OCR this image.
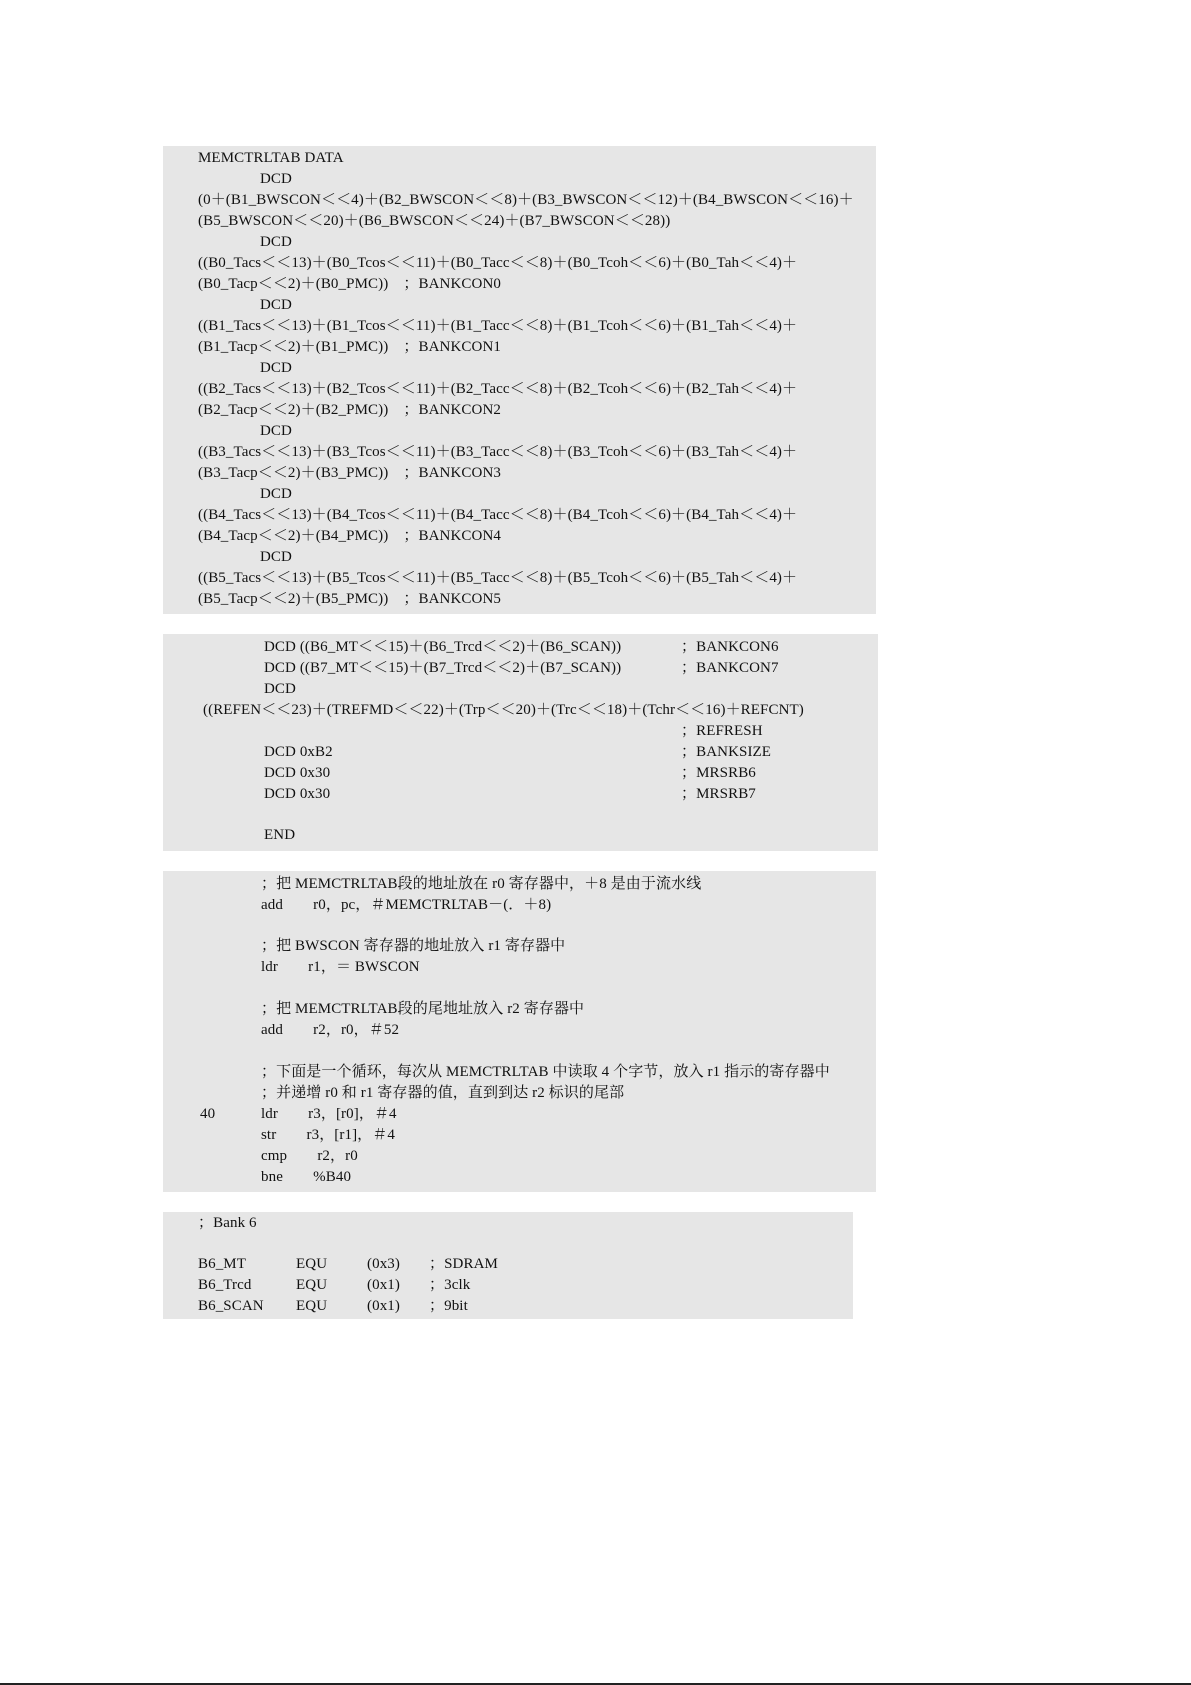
MEMCTRLTAB DATA
DCD
(0＋(B1_BWSCON＜＜4)＋(B2_BWSCON＜＜8)＋(B3_BWSCON＜＜12)＋(B4_BWSCON＜＜16)＋
(B5_BWSCON＜＜20)＋(B6_BWSCON＜＜24)＋(B7_BWSCON＜＜28))
DCD
((B0_Tacs＜＜13)＋(B0_Tcos＜＜11)＋(B0_Tacc＜＜8)＋(B0_Tcoh＜＜6)＋(B0_Tah＜＜4)＋
(B0_Tacp＜＜2)＋(B0_PMC))　；BANKCON0
DCD
((B1_Tacs＜＜13)＋(B1_Tcos＜＜11)＋(B1_Tacc＜＜8)＋(B1_Tcoh＜＜6)＋(B1_Tah＜＜4)＋
(B1_Tacp＜＜2)＋(B1_PMC))　；BANKCON1
DCD
((B2_Tacs＜＜13)＋(B2_Tcos＜＜11)＋(B2_Tacc＜＜8)＋(B2_Tcoh＜＜6)＋(B2_Tah＜＜4)＋
(B2_Tacp＜＜2)＋(B2_PMC))　；BANKCON2
DCD
((B3_Tacs＜＜13)＋(B3_Tcos＜＜11)＋(B3_Tacc＜＜8)＋(B3_Tcoh＜＜6)＋(B3_Tah＜＜4)＋
(B3_Tacp＜＜2)＋(B3_PMC))　；BANKCON3
DCD
((B4_Tacs＜＜13)＋(B4_Tcos＜＜11)＋(B4_Tacc＜＜8)＋(B4_Tcoh＜＜6)＋(B4_Tah＜＜4)＋
(B4_Tacp＜＜2)＋(B4_PMC))　；BANKCON4
DCD
((B5_Tacs＜＜13)＋(B5_Tcos＜＜11)＋(B5_Tacc＜＜8)＋(B5_Tcoh＜＜6)＋(B5_Tah＜＜4)＋
(B5_Tacp＜＜2)＋(B5_PMC))　；BANKCON5
DCD ((B6_MT＜＜15)＋(B6_Trcd＜＜2)＋(B6_SCAN))	；BANKCON6
DCD ((B7_MT＜＜15)＋(B7_Trcd＜＜2)＋(B7_SCAN))	；BANKCON7
DCD
((REFEN＜＜23)＋(TREFMD＜＜22)＋(Trp＜＜20)＋(Trc＜＜18)＋(Tchr＜＜16)＋REFCNT)
；REFRESH
DCD 0xB2	；BANKSIZE
DCD 0x30	；MRSRB6
DCD 0x30	；MRSRB7
END
；把 MEMCTRLTAB段的地址放在 r0 寄存器中，＋8 是由于流水线
add　　r0，pc，＃MEMCTRLTAB－(．＋8)
；把 BWSCON 寄存器的地址放入 r1 寄存器中
ldr　　r1，＝ BWSCON
；把 MEMCTRLTAB段的尾地址放入 r2 寄存器中
add　　r2，r0，＃52
；下面是一个循环，每次从 MEMCTRLTAB 中读取 4 个字节，放入 r1 指示的寄存器中
；并递增 r0 和 r1 寄存器的值，直到到达 r2 标识的尾部
40	ldr　　r3，[r0]，＃4
str　　r3，[r1]，＃4
cmp　　r2，r0
bne　　%B40
；Bank 6
B6_MT	EQU	(0x3) ；SDRAM
B6_Trcd	EQU	(0x1) ；3clk
B6_SCAN EQU	(0x1) ；9bit
